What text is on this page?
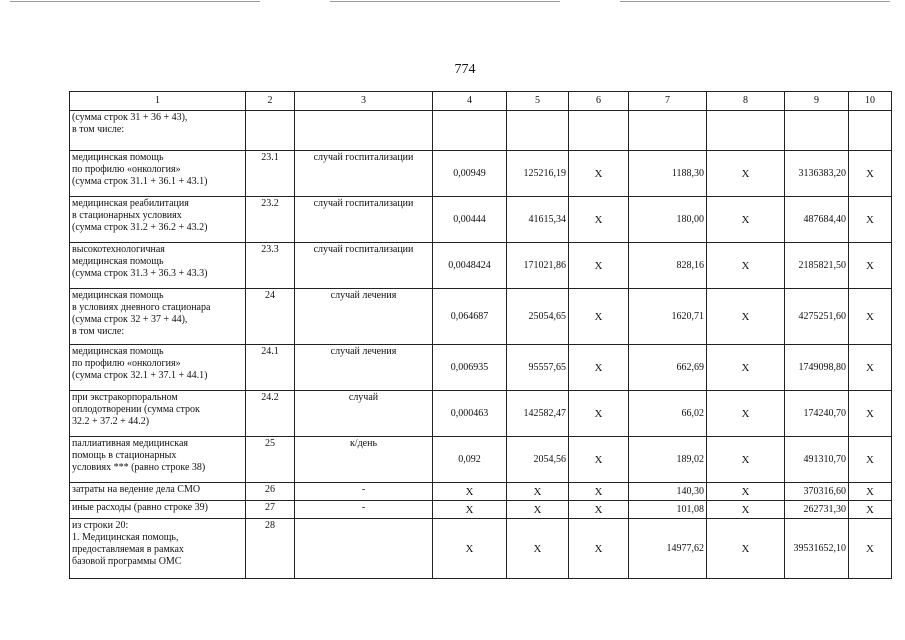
774
1	2	3	4	5	6	7	8	9	10

(сумма строк 31 + 36 + 43),
в том числе:									

медицинская помощь
по профилю «онкология»
(сумма строк 31.1 + 36.1 + 43.1)	23.1	случай госпитализации	0,00949	125216,19	Х	1188,30	Х	3136383,20	Х

медицинская реабилитация
в стационарных условиях
(сумма строк 31.2 + 36.2 + 43.2)	23.2	случай госпитализации	0,00444	41615,34	Х	180,00	Х	487684,40	Х

высокотехнологичная
медицинская помощь
(сумма строк 31.3 + 36.3 + 43.3)	23.3	случай госпитализации	0,0048424	171021,86	Х	828,16	Х	2185821,50	Х

медицинская помощь
в условиях дневного стационара
(сумма строк 32 + 37 + 44),
в том числе:	24	случай лечения	0,064687	25054,65	Х	1620,71	Х	4275251,60	Х

медицинская помощь
по профилю «онкология»
(сумма строк 32.1 + 37.1 + 44.1)	24.1	случай лечения	0,006935	95557,65	Х	662,69	Х	1749098,80	Х

при экстракорпоральном
оплодотворении (сумма строк
32.2 + 37.2 + 44.2)	24.2	случай	0,000463	142582,47	Х	66,02	Х	174240,70	Х

паллиативная медицинская
помощь в стационарных
условиях *** (равно строке 38)	25	к/день	0,092	2054,56	Х	189,02	Х	491310,70	Х

затраты на ведение дела СМО	26	-	Х	Х	Х	140,30	Х	370316,60	Х

иные расходы (равно строке 39)	27	-	Х	Х	Х	101,08	Х	262731,30	Х

из строки 20:
1. Медицинская помощь,
предоставляемая в рамках
базовой программы ОМС	28		Х	Х	Х	14977,62	Х	39531652,10	Х
